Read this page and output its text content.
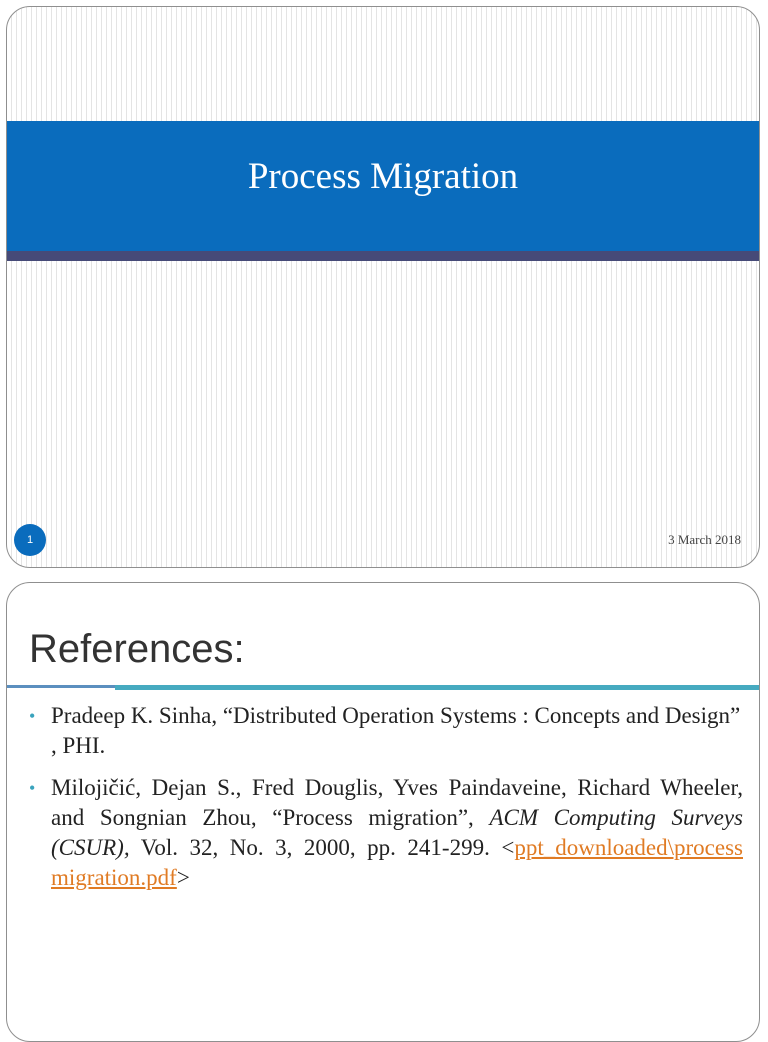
Process Migration
1	3 March 2018
References:
• Pradeep K. Sinha, “Distributed Operation Systems : Concepts and Design” , PHI.
• Milojičić, Dejan S., Fred Douglis, Yves Paindaveine, Richard Wheeler, and Songnian Zhou, “Process migration”, ACM Computing Surveys (CSUR), Vol. 32, No. 3, 2000, pp. 241-299. <ppt_downloaded\process migration.pdf>
